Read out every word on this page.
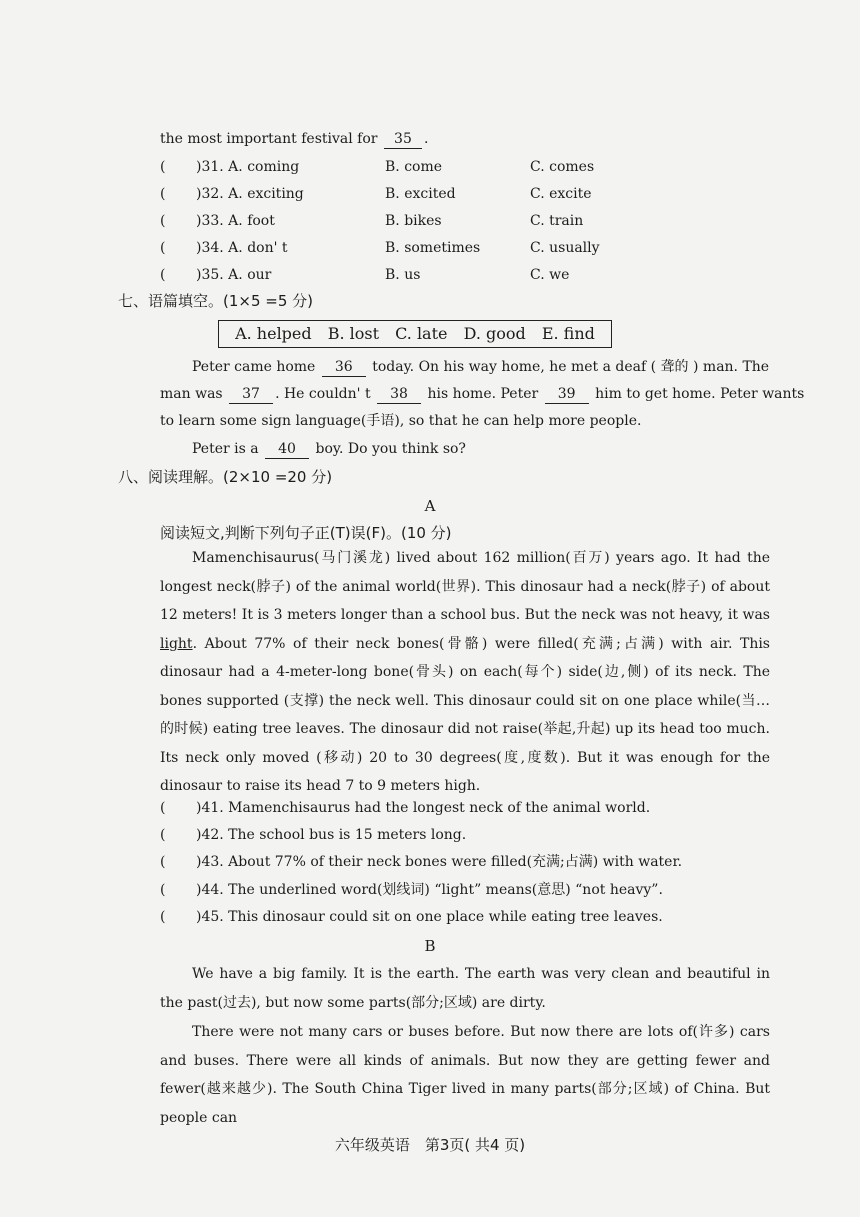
the most important festival for 35 .
( )31. A. coming	B. come	C. comes
( )32. A. exciting	B. excited	C. excite
( )33. A. foot	B. bikes	C. train
( )34. A. don' t	B. sometimes	C. usually
( )35. A. our	B. us	C. we
七、语篇填空。(1×5 =5 分)
A. helped B. lost C. late D. good E. find
Peter came home 36 today. On his way home, he met a deaf ( 聋的 ) man. The
man was 37 . He couldn' t 38 his home. Peter 39 him to get home. Peter wants
to learn some sign language(手语), so that he can help more people.
Peter is a 40 boy. Do you think so?
八、阅读理解。(2×10 =20 分)
A
阅读短文,判断下列句子正(T)误(F)。(10 分)
Mamenchisaurus(马门溪龙) lived about 162 million(百万) years ago. It had the longest neck(脖子) of the animal world(世界). This dinosaur had a neck(脖子) of about 12 meters! It is 3 meters longer than a school bus. But the neck was not heavy, it was light. About 77% of their neck bones(骨骼) were filled(充满;占满) with air. This dinosaur had a 4-meter-long bone(骨头) on each(每个) side(边,侧) of its neck. The bones supported (支撑) the neck well. This dinosaur could sit on one place while(当…的时候) eating tree leaves. The dinosaur did not raise(举起,升起) up its head too much. Its neck only moved (移动) 20 to 30 degrees(度,度数). But it was enough for the dinosaur to raise its head 7 to 9 meters high.
( )41. Mamenchisaurus had the longest neck of the animal world.
( )42. The school bus is 15 meters long.
( )43. About 77% of their neck bones were filled(充满;占满) with water.
( )44. The underlined word(划线词) “light” means(意思) “not heavy”.
( )45. This dinosaur could sit on one place while eating tree leaves.
B
We have a big family. It is the earth. The earth was very clean and beautiful in the past(过去), but now some parts(部分;区域) are dirty.
There were not many cars or buses before. But now there are lots of(许多) cars and buses. There were all kinds of animals. But now they are getting fewer and fewer(越来越少). The South China Tiger lived in many parts(部分;区域) of China. But people can
六年级英语　第3页( 共4 页)
